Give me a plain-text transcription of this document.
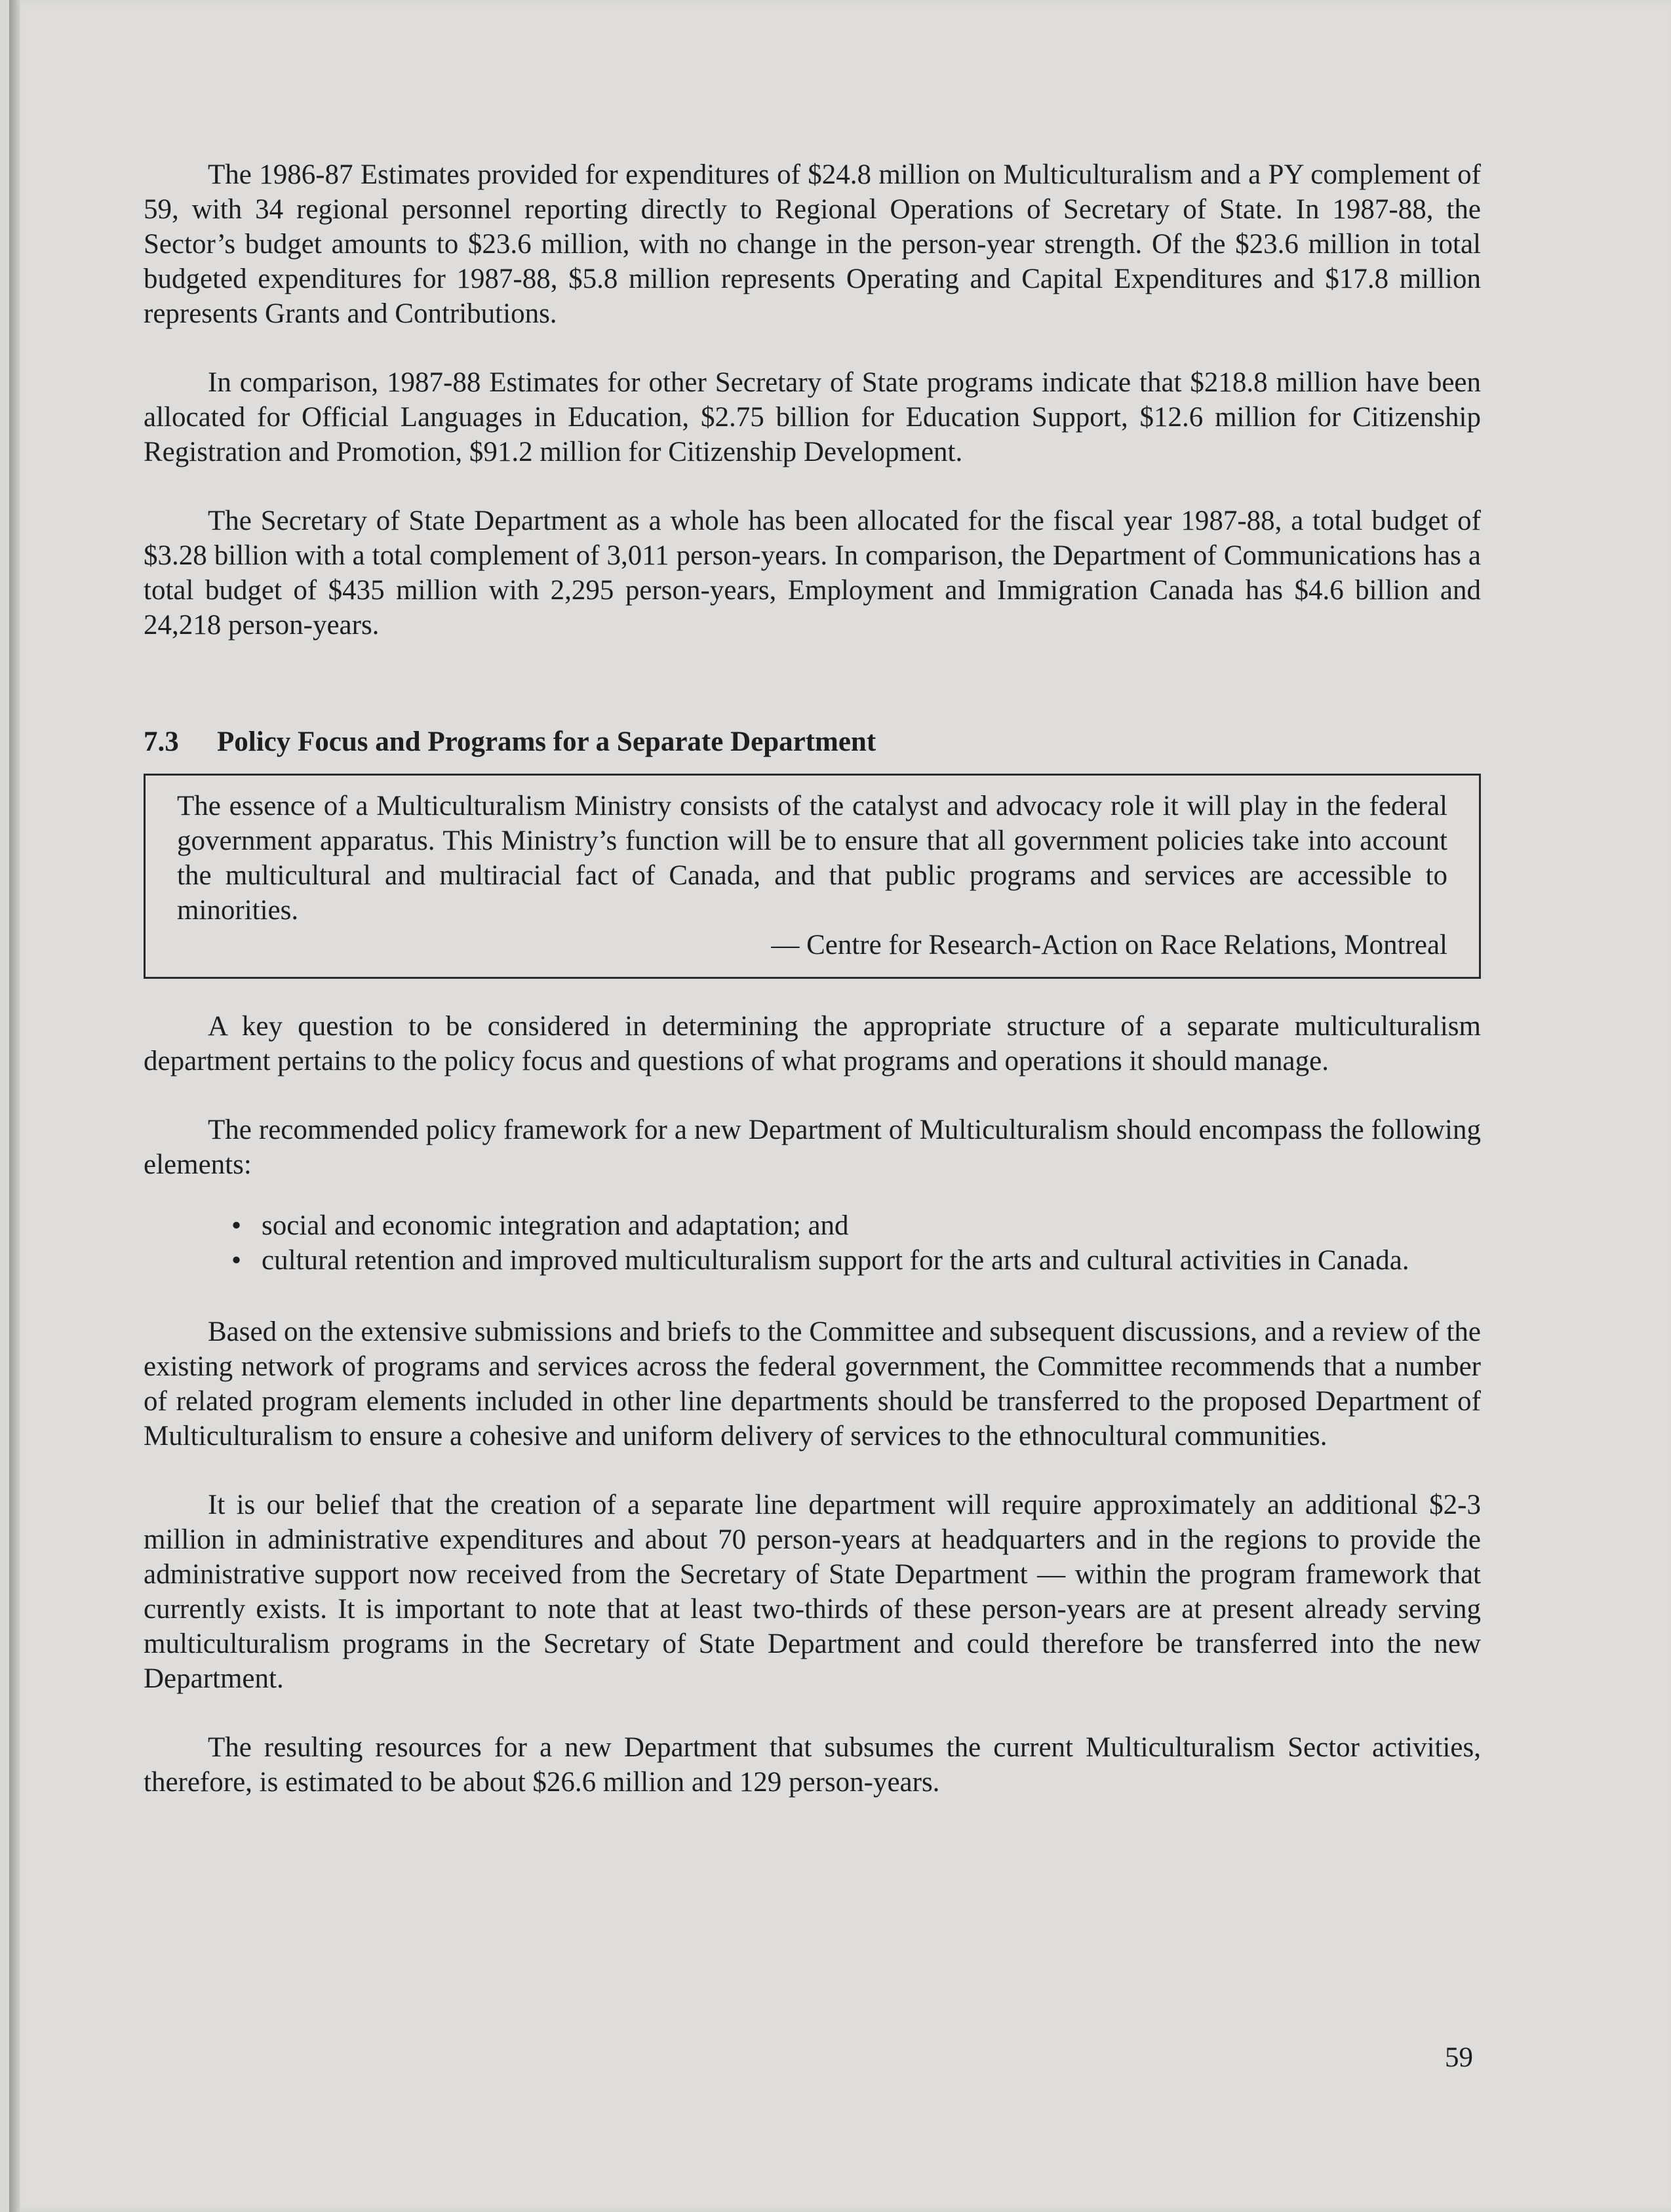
The 1986-87 Estimates provided for expenditures of $24.8 million on Multiculturalism and a PY complement of 59, with 34 regional personnel reporting directly to Regional Operations of Secretary of State. In 1987-88, the Sector’s budget amounts to $23.6 million, with no change in the person-year strength. Of the $23.6 million in total budgeted expenditures for 1987-88, $5.8 million represents Operating and Capital Expenditures and $17.8 million represents Grants and Contributions.

In comparison, 1987-88 Estimates for other Secretary of State programs indicate that $218.8 million have been allocated for Official Languages in Education, $2.75 billion for Education Support, $12.6 million for Citizenship Registration and Promotion, $91.2 million for Citizenship Development.

The Secretary of State Department as a whole has been allocated for the fiscal year 1987-88, a total budget of $3.28 billion with a total complement of 3,011 person-years. In comparison, the Department of Communications has a total budget of $435 million with 2,295 person-years, Employment and Immigration Canada has $4.6 billion and 24,218 person-years.

7.3 Policy Focus and Programs for a Separate Department
The essence of a Multiculturalism Ministry consists of the catalyst and advocacy role it will play in the federal government apparatus. This Ministry’s function will be to ensure that all government policies take into account the multicultural and multiracial fact of Canada, and that public programs and services are accessible to minorities.
— Centre for Research-Action on Race Relations, Montreal

A key question to be considered in determining the appropriate structure of a separate multiculturalism department pertains to the policy focus and questions of what programs and operations it should manage.

The recommended policy framework for a new Department of Multiculturalism should encompass the following elements:

• social and economic integration and adaptation; and
• cultural retention and improved multiculturalism support for the arts and cultural activities in Canada.

Based on the extensive submissions and briefs to the Committee and subsequent discussions, and a review of the existing network of programs and services across the federal government, the Committee recommends that a number of related program elements included in other line departments should be transferred to the proposed Department of Multiculturalism to ensure a cohesive and uniform delivery of services to the ethnocultural communities.

It is our belief that the creation of a separate line department will require approximately an additional $2-3 million in administrative expenditures and about 70 person-years at headquarters and in the regions to provide the administrative support now received from the Secretary of State Department — within the program framework that currently exists. It is important to note that at least two-thirds of these person-years are at present already serving multiculturalism programs in the Secretary of State Department and could therefore be transferred into the new Department.

The resulting resources for a new Department that subsumes the current Multiculturalism Sector activities, therefore, is estimated to be about $26.6 million and 129 person-years.

59
